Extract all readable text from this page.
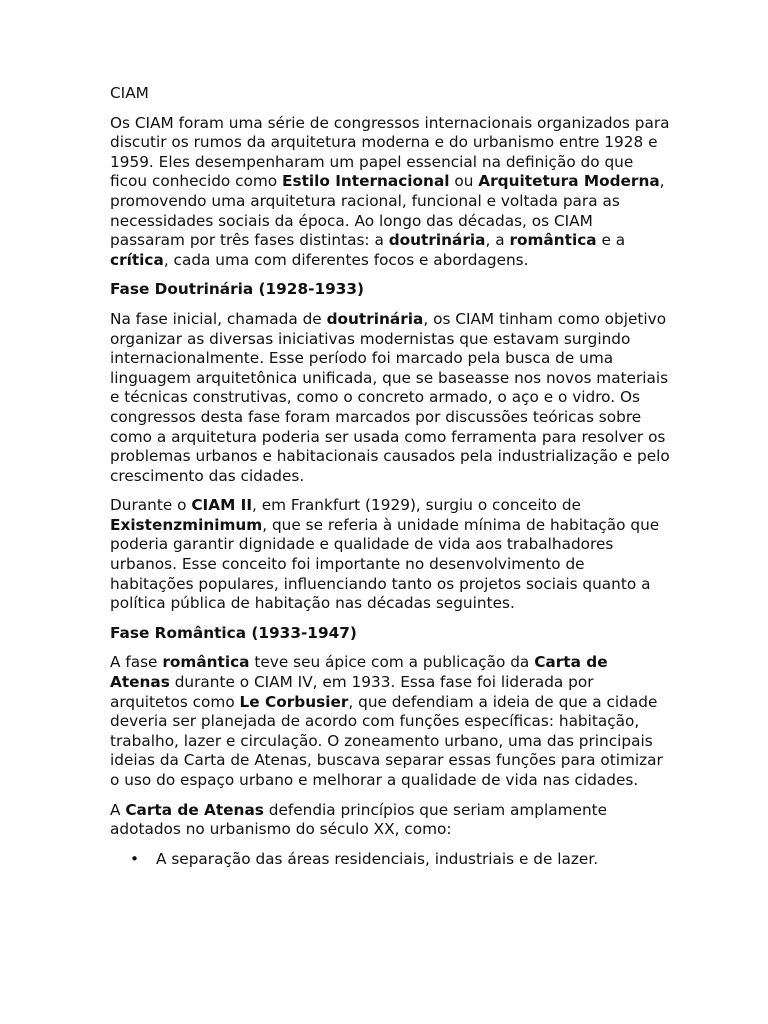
CIAM

Os CIAM foram uma série de congressos internacionais organizados para discutir os rumos da arquitetura moderna e do urbanismo entre 1928 e 1959. Eles desempenharam um papel essencial na definição do que ficou conhecido como Estilo Internacional ou Arquitetura Moderna, promovendo uma arquitetura racional, funcional e voltada para as necessidades sociais da época. Ao longo das décadas, os CIAM passaram por três fases distintas: a doutrinária, a romântica e a crítica, cada uma com diferentes focos e abordagens.

Fase Doutrinária (1928-1933)

Na fase inicial, chamada de doutrinária, os CIAM tinham como objetivo organizar as diversas iniciativas modernistas que estavam surgindo internacionalmente. Esse período foi marcado pela busca de uma linguagem arquitetônica unificada, que se baseasse nos novos materiais e técnicas construtivas, como o concreto armado, o aço e o vidro. Os congressos desta fase foram marcados por discussões teóricas sobre como a arquitetura poderia ser usada como ferramenta para resolver os problemas urbanos e habitacionais causados pela industrialização e pelo crescimento das cidades.

Durante o CIAM II, em Frankfurt (1929), surgiu o conceito de Existenzminimum, que se referia à unidade mínima de habitação que poderia garantir dignidade e qualidade de vida aos trabalhadores urbanos. Esse conceito foi importante no desenvolvimento de habitações populares, influenciando tanto os projetos sociais quanto a política pública de habitação nas décadas seguintes.

Fase Romântica (1933-1947)

A fase romântica teve seu ápice com a publicação da Carta de Atenas durante o CIAM IV, em 1933. Essa fase foi liderada por arquitetos como Le Corbusier, que defendiam a ideia de que a cidade deveria ser planejada de acordo com funções específicas: habitação, trabalho, lazer e circulação. O zoneamento urbano, uma das principais ideias da Carta de Atenas, buscava separar essas funções para otimizar o uso do espaço urbano e melhorar a qualidade de vida nas cidades.

A Carta de Atenas defendia princípios que seriam amplamente adotados no urbanismo do século XX, como:

• A separação das áreas residenciais, industriais e de lazer.
